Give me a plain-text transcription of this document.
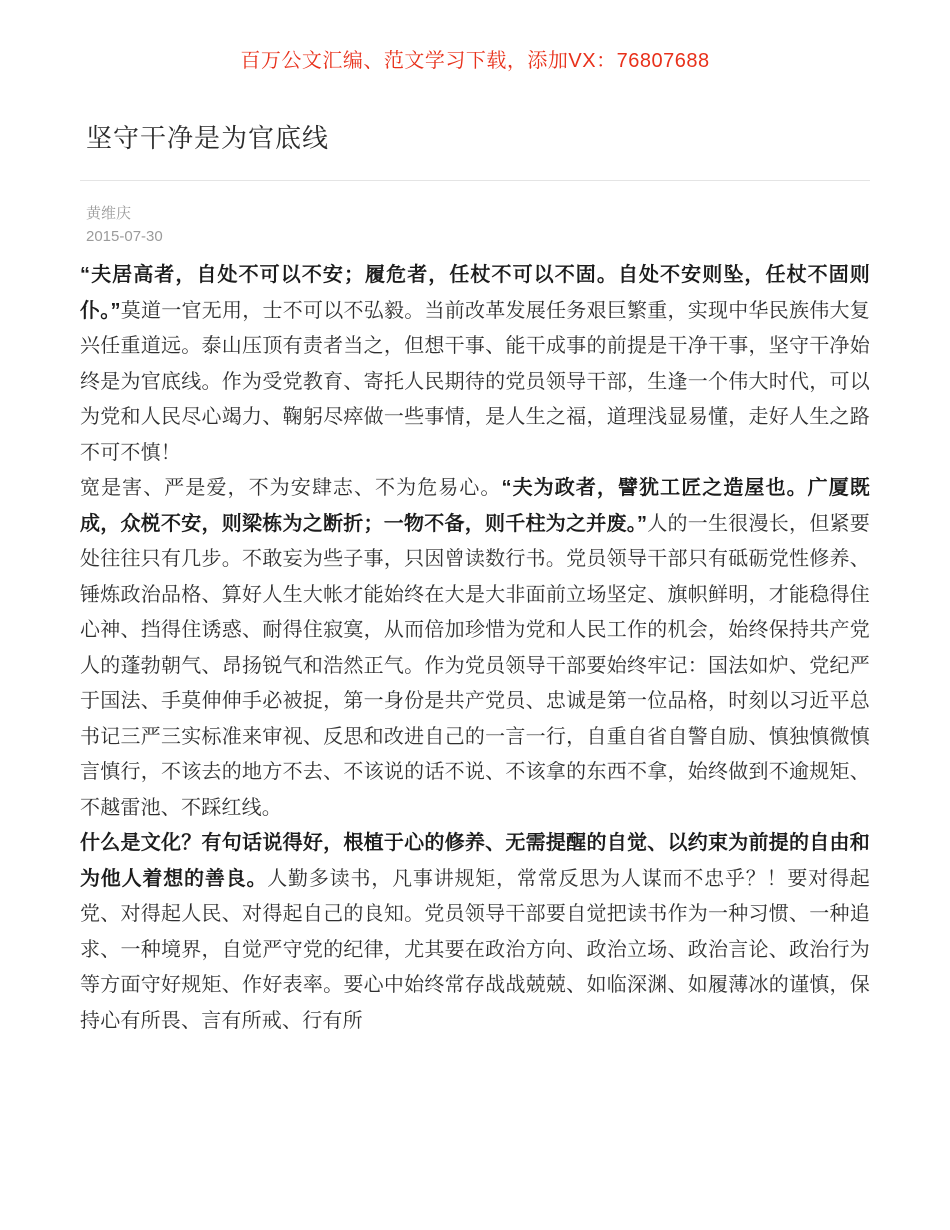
百万公文汇编、范文学习下载，添加VX：76807688
坚守干净是为官底线
黄维庆
2015-07-30

“夫居高者，自处不可以不安；履危者，任杖不可以不固。自处不安则坠，任杖不固则仆。”莫道一官无用，士不可以不弘毅。当前改革发展任务艰巨繁重，实现中华民族伟大复兴任重道远。泰山压顶有责者当之，但想干事、能干成事的前提是干净干事，坚守干净始终是为官底线。作为受党教育、寄托人民期待的党员领导干部，生逢一个伟大时代，可以为党和人民尽心竭力、鞠躬尽瘁做一些事情，是人生之福，道理浅显易懂，走好人生之路不可不慎！

宽是害、严是爱，不为安肆志、不为危易心。“夫为政者，譬犹工匠之造屋也。广厦既成，众棁不安，则梁栋为之断折；一物不备，则千柱为之并废。”人的一生很漫长，但紧要处往往只有几步。不敢妄为些子事，只因曾读数行书。党员领导干部只有砥砺党性修养、锤炼政治品格、算好人生大帐才能始终在大是大非面前立场坚定、旗帜鲜明，才能稳得住心神、挡得住诱惑、耐得住寂寞，从而倍加珍惜为党和人民工作的机会，始终保持共产党人的蓬勃朝气、昂扬锐气和浩然正气。作为党员领导干部要始终牢记：国法如炉、党纪严于国法、手莫伸伸手必被捉，第一身份是共产党员、忠诚是第一位品格，时刻以习近平总书记三严三实标准来审视、反思和改进自己的一言一行，自重自省自警自励、慎独慎微慎言慎行，不该去的地方不去、不该说的话不说、不该拿的东西不拿，始终做到不逾规矩、不越雷池、不踩红线。

什么是文化？有句话说得好，根植于心的修养、无需提醒的自觉、以约束为前提的自由和为他人着想的善良。人勤多读书，凡事讲规矩，常常反思为人谋而不忠乎？！要对得起党、对得起人民、对得起自己的良知。党员领导干部要自觉把读书作为一种习惯、一种追求、一种境界，自觉严守党的纪律，尤其要在政治方向、政治立场、政治言论、政治行为等方面守好规矩、作好表率。要心中始终常存战战兢兢、如临深渊、如履薄冰的谨慎，保持心有所畏、言有所戒、行有所
